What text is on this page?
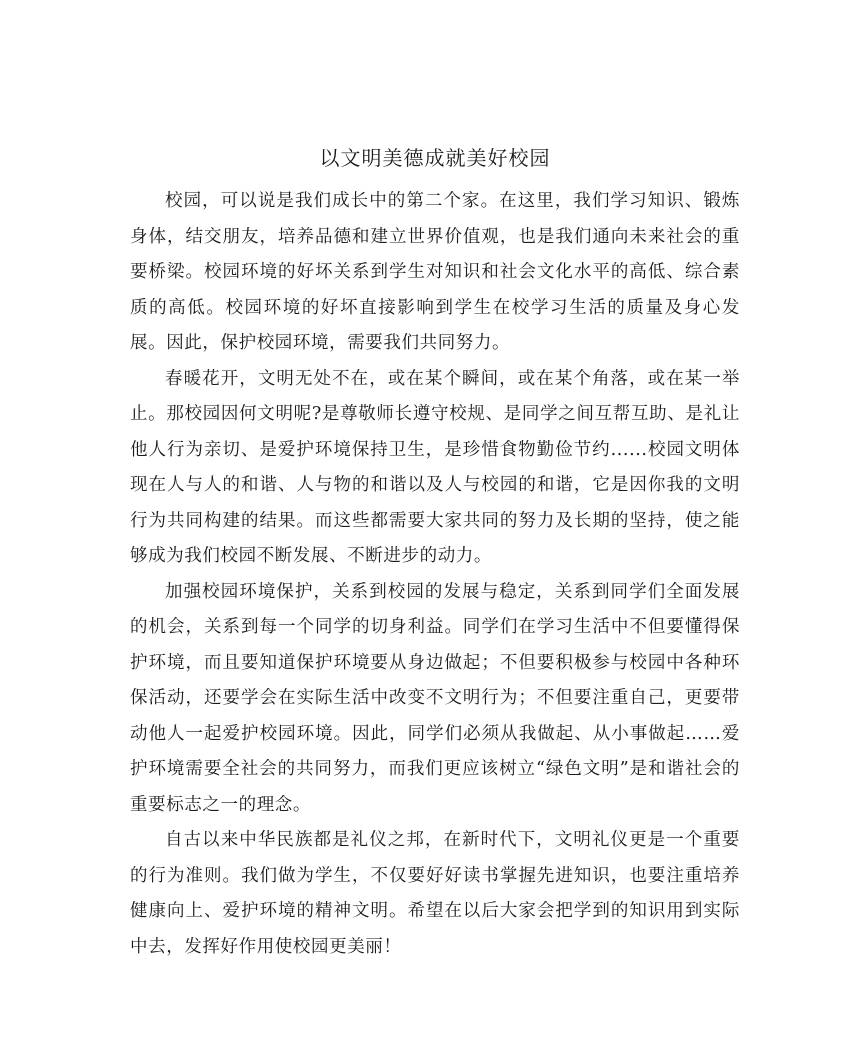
以文明美德成就美好校园

校园，可以说是我们成长中的第二个家。在这里，我们学习知识、锻炼身体，结交朋友，培养品德和建立世界价值观，也是我们通向未来社会的重要桥梁。校园环境的好坏关系到学生对知识和社会文化水平的高低、综合素质的高低。校园环境的好坏直接影响到学生在校学习生活的质量及身心发展。因此，保护校园环境，需要我们共同努力。

春暖花开，文明无处不在，或在某个瞬间，或在某个角落，或在某一举止。那校园因何文明呢?是尊敬师长遵守校规、是同学之间互帮互助、是礼让他人行为亲切、是爱护环境保持卫生，是珍惜食物勤俭节约......校园文明体现在人与人的和谐、人与物的和谐以及人与校园的和谐，它是因你我的文明行为共同构建的结果。而这些都需要大家共同的努力及长期的坚持，使之能够成为我们校园不断发展、不断进步的动力。

加强校园环境保护，关系到校园的发展与稳定，关系到同学们全面发展的机会，关系到每一个同学的切身利益。同学们在学习生活中不但要懂得保护环境，而且要知道保护环境要从身边做起；不但要积极参与校园中各种环保活动，还要学会在实际生活中改变不文明行为；不但要注重自己，更要带动他人一起爱护校园环境。因此，同学们必须从我做起、从小事做起……爱护环境需要全社会的共同努力，而我们更应该树立“绿色文明”是和谐社会的重要标志之一的理念。

自古以来中华民族都是礼仪之邦，在新时代下，文明礼仪更是一个重要的行为准则。我们做为学生，不仅要好好读书掌握先进知识，也要注重培养健康向上、爱护环境的精神文明。希望在以后大家会把学到的知识用到实际中去，发挥好作用使校园更美丽！
